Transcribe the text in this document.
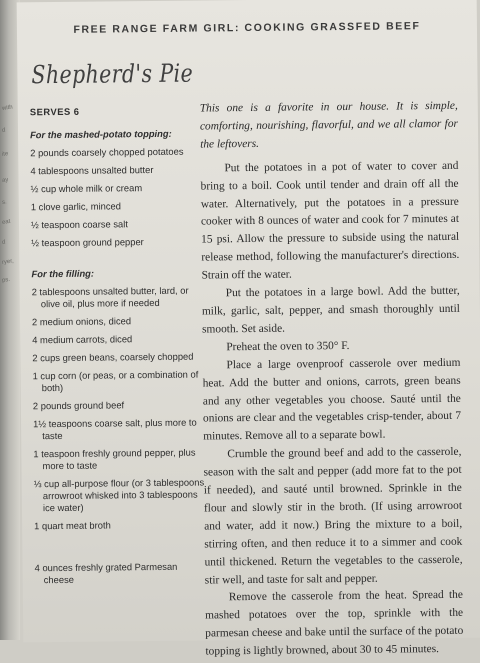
with
d
ite
ay
s.
eat
d
ryer,
ps.
FREE RANGE FARM GIRL: COOKING GRASSFED BEEF
Shepherd's Pie
SERVES 6
For the mashed-potato topping:
2 pounds coarsely chopped potatoes
4 tablespoons unsalted butter
½ cup whole milk or cream
1 clove garlic, minced
½ teaspoon coarse salt
½ teaspoon ground pepper
For the filling:
2 tablespoons unsalted butter, lard, or olive oil, plus more if needed
2 medium onions, diced
4 medium carrots, diced
2 cups green beans, coarsely chopped
1 cup corn (or peas, or a combination of both)
2 pounds ground beef
1½ teaspoons coarse salt, plus more to taste
1 teaspoon freshly ground pepper, plus more to taste
⅓ cup all-purpose flour (or 3 tablespoons arrowroot whisked into 3 tablespoons ice water)
1 quart meat broth
4 ounces freshly grated Parmesan cheese

This one is a favorite in our house. It is simple, comforting, nourishing, flavorful, and we all clamor for the leftovers.

Put the potatoes in a pot of water to cover and bring to a boil. Cook until tender and drain off all the water. Alternatively, put the potatoes in a pressure cooker with 8 ounces of water and cook for 7 minutes at 15 psi. Allow the pressure to subside using the natural release method, following the manufacturer's directions. Strain off the water.

Put the potatoes in a large bowl. Add the butter, milk, garlic, salt, pepper, and smash thoroughly until smooth. Set aside.

Preheat the oven to 350° F.

Place a large ovenproof casserole over medium heat. Add the butter and onions, carrots, green beans and any other vegetables you choose. Sauté until the onions are clear and the vegetables crisp-tender, about 7 minutes. Remove all to a separate bowl.

Crumble the ground beef and add to the casserole, season with the salt and pepper (add more fat to the pot if needed), and sauté until browned. Sprinkle in the flour and slowly stir in the broth. (If using arrowroot and water, add it now.) Bring the mixture to a boil, stirring often, and then reduce it to a simmer and cook until thickened. Return the vegetables to the casserole, stir well, and taste for salt and pepper.

Remove the casserole from the heat. Spread the mashed potatoes over the top, sprinkle with the parmesan cheese and bake until the surface of the potato topping is lightly browned, about 30 to 45 minutes.
